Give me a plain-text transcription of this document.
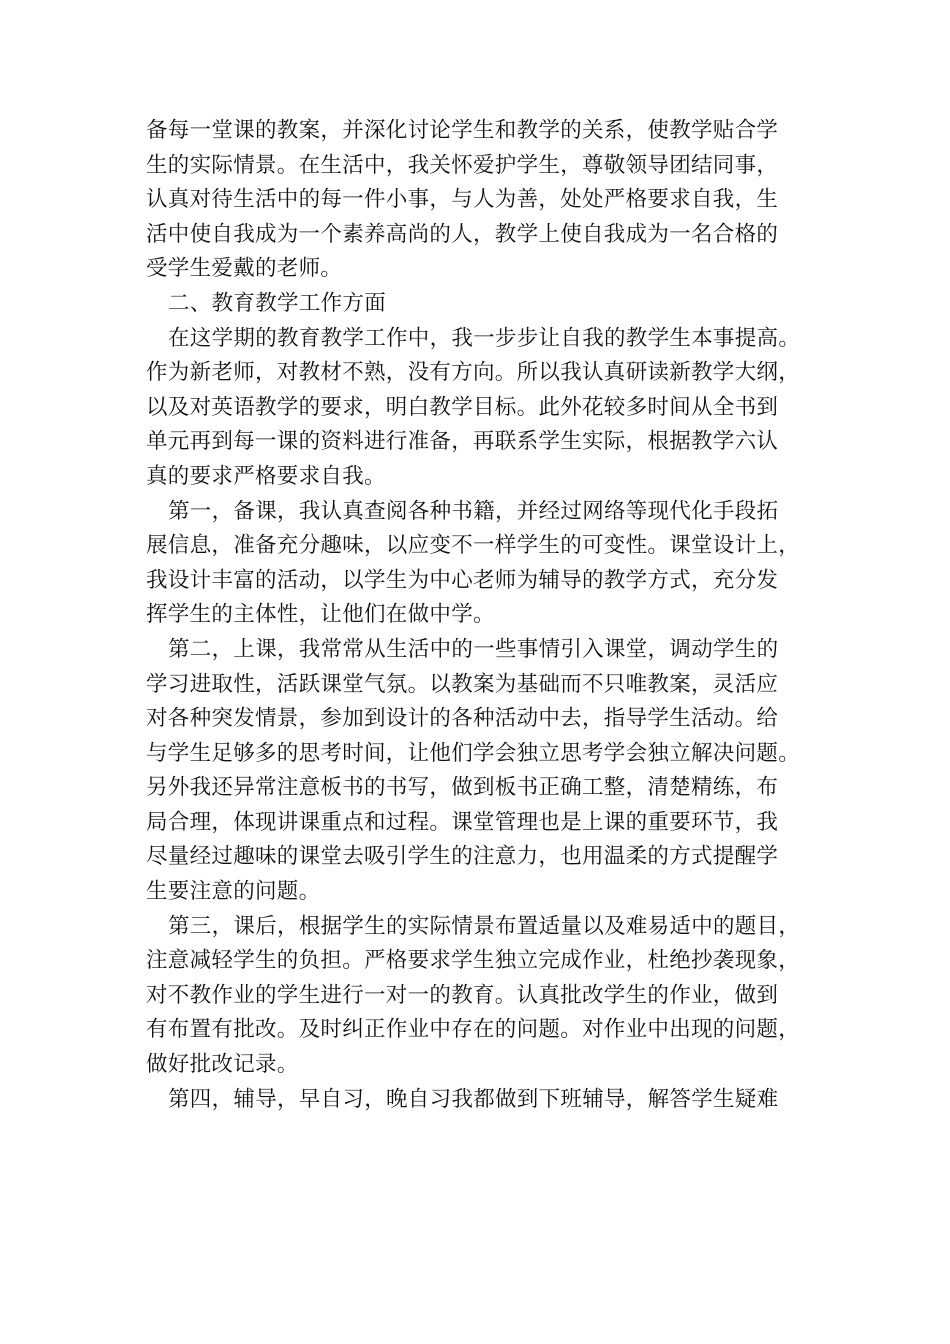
备每一堂课的教案，并深化讨论学生和教学的关系，使教学贴合学
生的实际情景。在生活中，我关怀爱护学生，尊敬领导团结同事，
认真对待生活中的每一件小事，与人为善，处处严格要求自我，生
活中使自我成为一个素养高尚的人，教学上使自我成为一名合格的
受学生爱戴的老师。
二、教育教学工作方面
在这学期的教育教学工作中，我一步步让自我的教学生本事提高。
作为新老师，对教材不熟，没有方向。所以我认真研读新教学大纲，
以及对英语教学的要求，明白教学目标。此外花较多时间从全书到
单元再到每一课的资料进行准备，再联系学生实际，根据教学六认
真的要求严格要求自我。
第一，备课，我认真查阅各种书籍，并经过网络等现代化手段拓
展信息，准备充分趣味，以应变不一样学生的可变性。课堂设计上，
我设计丰富的活动，以学生为中心老师为辅导的教学方式，充分发
挥学生的主体性，让他们在做中学。
第二，上课，我常常从生活中的一些事情引入课堂，调动学生的
学习进取性，活跃课堂气氛。以教案为基础而不只唯教案，灵活应
对各种突发情景，参加到设计的各种活动中去，指导学生活动。给
与学生足够多的思考时间，让他们学会独立思考学会独立解决问题。
另外我还异常注意板书的书写，做到板书正确工整，清楚精练，布
局合理，体现讲课重点和过程。课堂管理也是上课的重要环节，我
尽量经过趣味的课堂去吸引学生的注意力，也用温柔的方式提醒学
生要注意的问题。
第三，课后，根据学生的实际情景布置适量以及难易适中的题目，
注意减轻学生的负担。严格要求学生独立完成作业，杜绝抄袭现象，
对不教作业的学生进行一对一的教育。认真批改学生的作业，做到
有布置有批改。及时纠正作业中存在的问题。对作业中出现的问题，
做好批改记录。
第四，辅导，早自习，晚自习我都做到下班辅导，解答学生疑难
